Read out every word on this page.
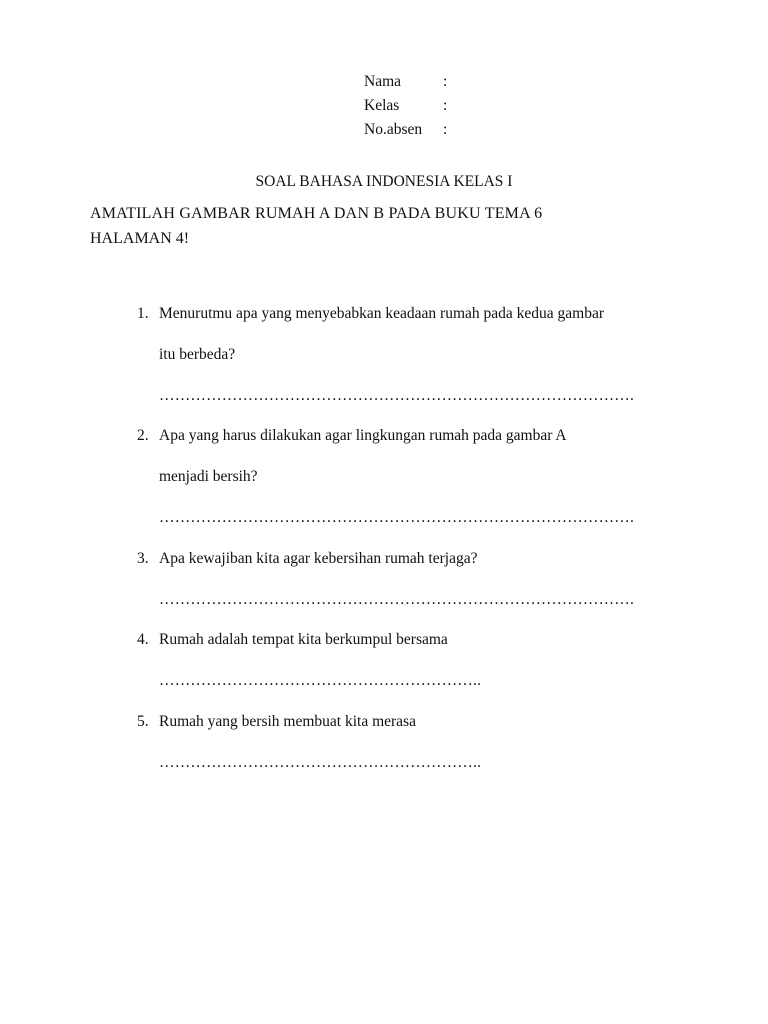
Nama	:
Kelas	:
No.absen :
SOAL BAHASA INDONESIA KELAS I
AMATILAH GAMBAR RUMAH A DAN B PADA BUKU TEMA 6
HALAMAN 4!
1. Menurutmu apa yang menyebabkan keadaan rumah pada kedua gambar
itu berbeda?
……………………………………………………………………………….
2. Apa yang harus dilakukan agar lingkungan rumah pada gambar A
menjadi bersih?
……………………………………………………………………………….
3. Apa kewajiban kita agar kebersihan rumah terjaga?
……………………………………………………………………………….
4. Rumah adalah tempat kita berkumpul bersama
……………………………………………………..
5. Rumah yang bersih membuat kita merasa
……………………………………………………..
